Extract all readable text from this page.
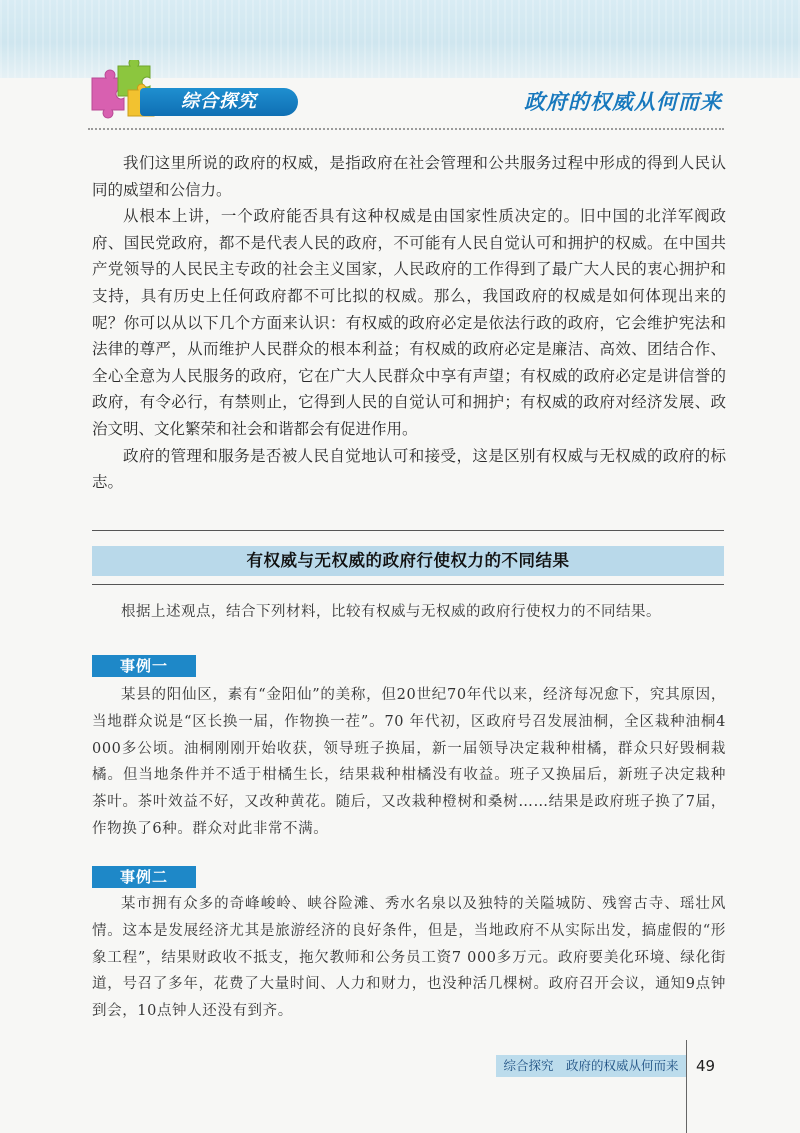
综合探究	政府的权威从何而来

我们这里所说的政府的权威，是指政府在社会管理和公共服务过程中形成的得到人民认同的威望和公信力。

从根本上讲，一个政府能否具有这种权威是由国家性质决定的。旧中国的北洋军阀政府、国民党政府，都不是代表人民的政府，不可能有人民自觉认可和拥护的权威。在中国共产党领导的人民民主专政的社会主义国家，人民政府的工作得到了最广大人民的衷心拥护和支持，具有历史上任何政府都不可比拟的权威。那么，我国政府的权威是如何体现出来的呢？你可以从以下几个方面来认识：有权威的政府必定是依法行政的政府，它会维护宪法和法律的尊严，从而维护人民群众的根本利益；有权威的政府必定是廉洁、高效、团结合作、全心全意为人民服务的政府，它在广大人民群众中享有声望；有权威的政府必定是讲信誉的政府，有令必行，有禁则止，它得到人民的自觉认可和拥护；有权威的政府对经济发展、政治文明、文化繁荣和社会和谐都会有促进作用。

政府的管理和服务是否被人民自觉地认可和接受，这是区别有权威与无权威的政府的标志。

有权威与无权威的政府行使权力的不同结果
根据上述观点，结合下列材料，比较有权威与无权威的政府行使权力的不同结果。
事例一
某县的阳仙区，素有“金阳仙”的美称，但20世纪70年代以来，经济每况愈下，究其原因，当地群众说是“区长换一届，作物换一茬”。70 年代初，区政府号召发展油桐，全区栽种油桐4 000多公顷。油桐刚刚开始收获，领导班子换届，新一届领导决定栽种柑橘，群众只好毁桐栽橘。但当地条件并不适于柑橘生长，结果栽种柑橘没有收益。班子又换届后，新班子决定栽种茶叶。茶叶效益不好，又改种黄花。随后，又改栽种橙树和桑树……结果是政府班子换了7届，作物换了6种。群众对此非常不满。
事例二
某市拥有众多的奇峰峻岭、峡谷险滩、秀水名泉以及独特的关隘城防、残窖古寺、瑶壮风情。这本是发展经济尤其是旅游经济的良好条件，但是，当地政府不从实际出发，搞虚假的“形象工程”，结果财政收不抵支，拖欠教师和公务员工资7 000多万元。政府要美化环境、绿化街道，号召了多年，花费了大量时间、人力和财力，也没种活几棵树。政府召开会议，通知9点钟到会，10点钟人还没有到齐。
综合探究　政府的权威从何而来	49
